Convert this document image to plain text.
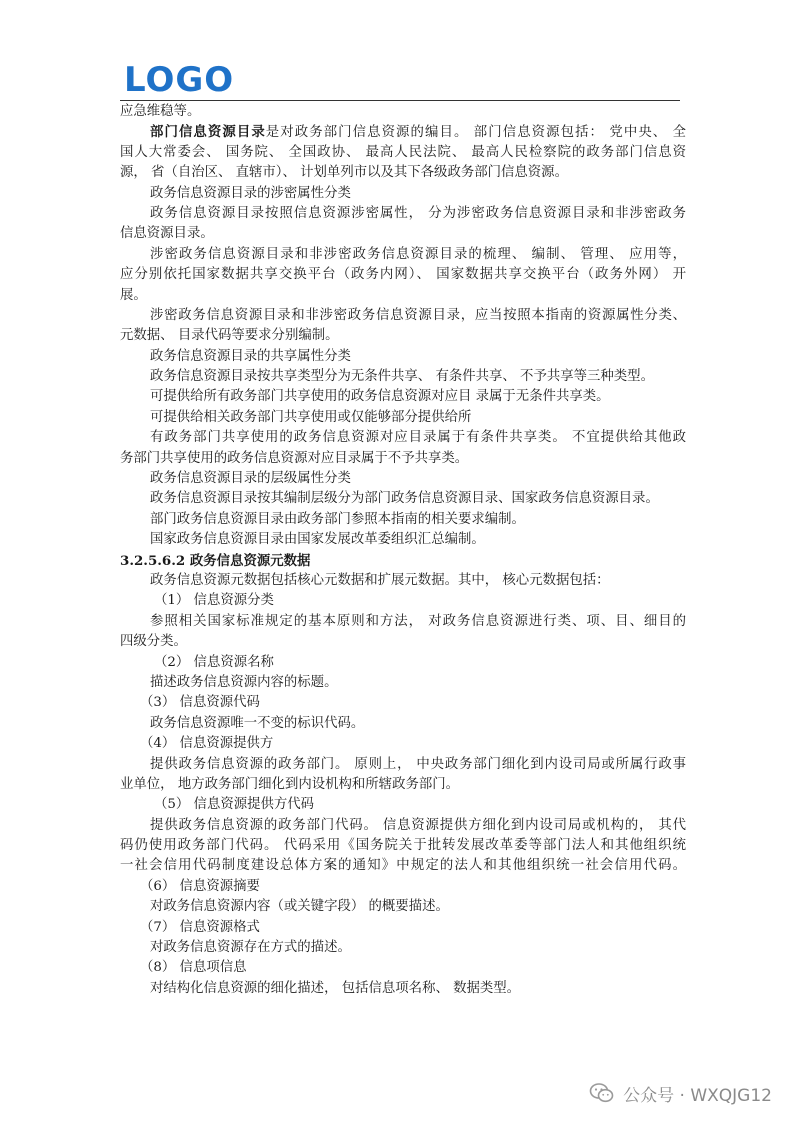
LOGO
应急维稳等。
部门信息资源目录是对政务部门信息资源的编目。 部门信息资源包括： 党中央、 全
国人大常委会、 国务院、 全国政协、 最高人民法院、 最高人民检察院的政务部门信息资
源， 省（自治区、 直辖市）、 计划单列市以及其下各级政务部门信息资源。
政务信息资源目录的涉密属性分类
政务信息资源目录按照信息资源涉密属性， 分为涉密政务信息资源目录和非涉密政务
信息资源目录。
涉密政务信息资源目录和非涉密政务信息资源目录的梳理、 编制、 管理、 应用等，
应分别依托国家数据共享交换平台（政务内网）、 国家数据共享交换平台（政务外网） 开
展。
涉密政务信息资源目录和非涉密政务信息资源目录，应当按照本指南的资源属性分类、
元数据、 目录代码等要求分别编制。
政务信息资源目录的共享属性分类
政务信息资源目录按共享类型分为无条件共享、 有条件共享、 不予共享等三种类型。
可提供给所有政务部门共享使用的政务信息资源对应目 录属于无条件共享类。
可提供给相关政务部门共享使用或仅能够部分提供给所
有政务部门共享使用的政务信息资源对应目录属于有条件共享类。 不宜提供给其他政
务部门共享使用的政务信息资源对应目录属于不予共享类。
政务信息资源目录的层级属性分类
政务信息资源目录按其编制层级分为部门政务信息资源目录、国家政务信息资源目录。
部门政务信息资源目录由政务部门参照本指南的相关要求编制。
国家政务信息资源目录由国家发展改革委组织汇总编制。
3.2.5.6.2 政务信息资源元数据
政务信息资源元数据包括核心元数据和扩展元数据。其中， 核心元数据包括：
（1） 信息资源分类
参照相关国家标准规定的基本原则和方法， 对政务信息资源进行类、项、目、细目的
四级分类。
（2） 信息资源名称
描述政务信息资源内容的标题。
（3） 信息资源代码
政务信息资源唯一不变的标识代码。
（4） 信息资源提供方
提供政务信息资源的政务部门。 原则上， 中央政务部门细化到内设司局或所属行政事
业单位， 地方政务部门细化到内设机构和所辖政务部门。
（5） 信息资源提供方代码
提供政务信息资源的政务部门代码。 信息资源提供方细化到内设司局或机构的， 其代
码仍使用政务部门代码。 代码采用《国务院关于批转发展改革委等部门法人和其他组织统
一社会信用代码制度建设总体方案的通知》中规定的法人和其他组织统一社会信用代码。
（6） 信息资源摘要
对政务信息资源内容（或关键字段） 的概要描述。
（7） 信息资源格式
对政务信息资源存在方式的描述。
（8） 信息项信息
对结构化信息资源的细化描述， 包括信息项名称、 数据类型。
公众号 · WXQJG12
